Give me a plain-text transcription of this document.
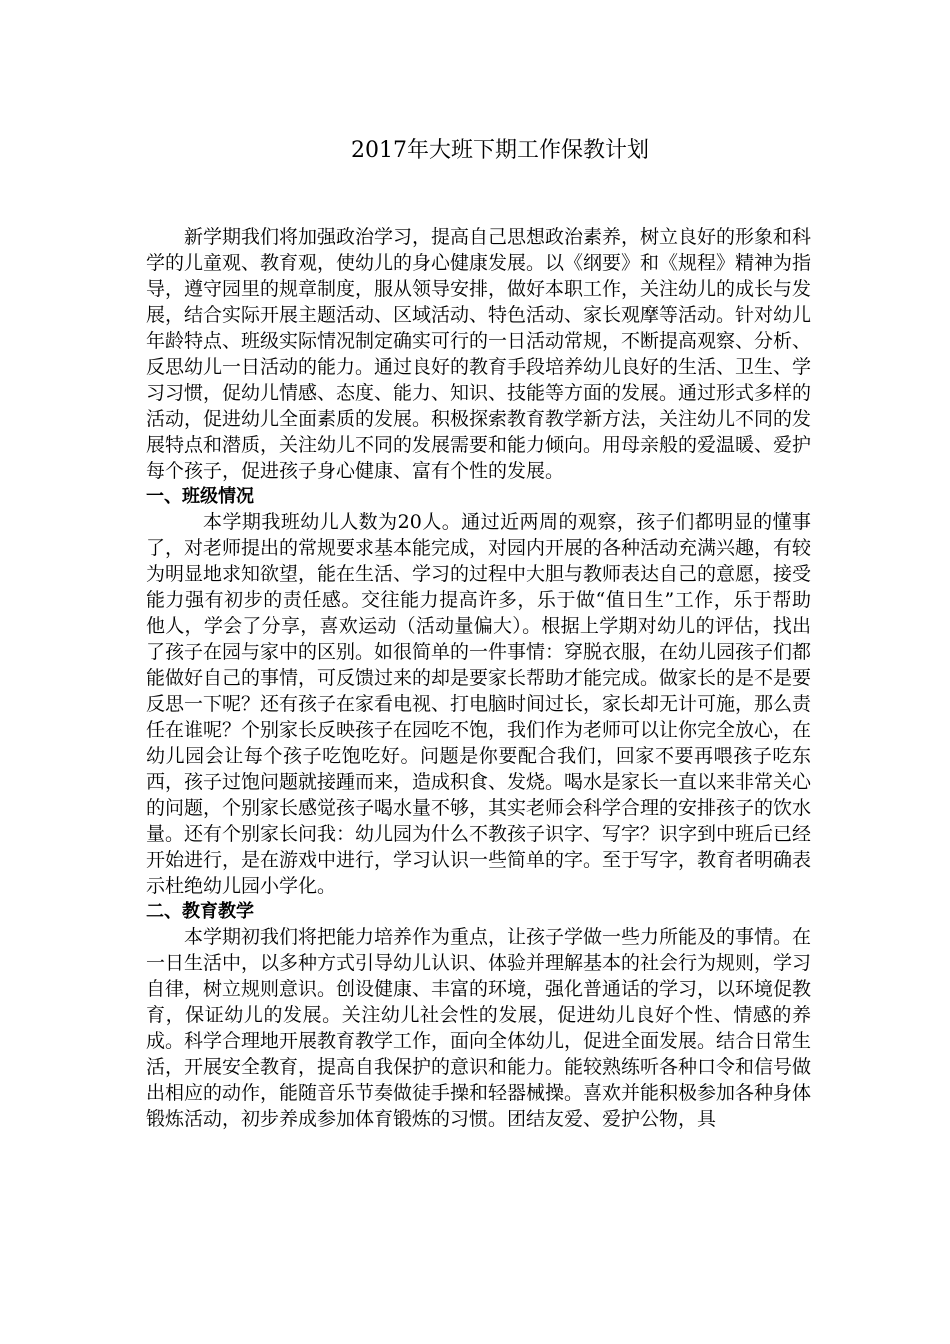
2017年大班下期工作保教计划

新学期我们将加强政治学习，提高自己思想政治素养，树立良好的形象和科学的儿童观、教育观，使幼儿的身心健康发展。以《纲要》和《规程》精神为指导，遵守园里的规章制度，服从领导安排，做好本职工作，关注幼儿的成长与发展，结合实际开展主题活动、区域活动、特色活动、家长观摩等活动。针对幼儿年龄特点、班级实际情况制定确实可行的一日活动常规，不断提高观察、分析、反思幼儿一日活动的能力。通过良好的教育手段培养幼儿良好的生活、卫生、学习习惯，促幼儿情感、态度、能力、知识、技能等方面的发展。通过形式多样的活动，促进幼儿全面素质的发展。积极探索教育教学新方法，关注幼儿不同的发展特点和潜质，关注幼儿不同的发展需要和能力倾向。用母亲般的爱温暖、爱护每个孩子，促进孩子身心健康、富有个性的发展。

一、班级情况

本学期我班幼儿人数为20人。通过近两周的观察，孩子们都明显的懂事了，对老师提出的常规要求基本能完成，对园内开展的各种活动充满兴趣，有较为明显地求知欲望，能在生活、学习的过程中大胆与教师表达自己的意愿，接受能力强有初步的责任感。交往能力提高许多，乐于做“值日生”工作，乐于帮助他人，学会了分享，喜欢运动（活动量偏大）。根据上学期对幼儿的评估，找出了孩子在园与家中的区别。如很简单的一件事情：穿脱衣服，在幼儿园孩子们都能做好自己的事情，可反馈过来的却是要家长帮助才能完成。做家长的是不是要反思一下呢？还有孩子在家看电视、打电脑时间过长，家长却无计可施，那么责任在谁呢？个别家长反映孩子在园吃不饱，我们作为老师可以让你完全放心，在幼儿园会让每个孩子吃饱吃好。问题是你要配合我们，回家不要再喂孩子吃东西，孩子过饱问题就接踵而来，造成积食、发烧。喝水是家长一直以来非常关心的问题，个别家长感觉孩子喝水量不够，其实老师会科学合理的安排孩子的饮水量。还有个别家长问我：幼儿园为什么不教孩子识字、写字？识字到中班后已经开始进行，是在游戏中进行，学习认识一些简单的字。至于写字，教育者明确表示杜绝幼儿园小学化。

二、教育教学

本学期初我们将把能力培养作为重点，让孩子学做一些力所能及的事情。在一日生活中，以多种方式引导幼儿认识、体验并理解基本的社会行为规则，学习自律，树立规则意识。创设健康、丰富的环境，强化普通话的学习，以环境促教育，保证幼儿的发展。关注幼儿社会性的发展，促进幼儿良好个性、情感的养成。科学合理地开展教育教学工作，面向全体幼儿，促进全面发展。结合日常生活，开展安全教育，提高自我保护的意识和能力。能较熟练听各种口令和信号做出相应的动作，能随音乐节奏做徒手操和轻器械操。喜欢并能积极参加各种身体锻炼活动，初步养成参加体育锻炼的习惯。团结友爱、爱护公物，具
